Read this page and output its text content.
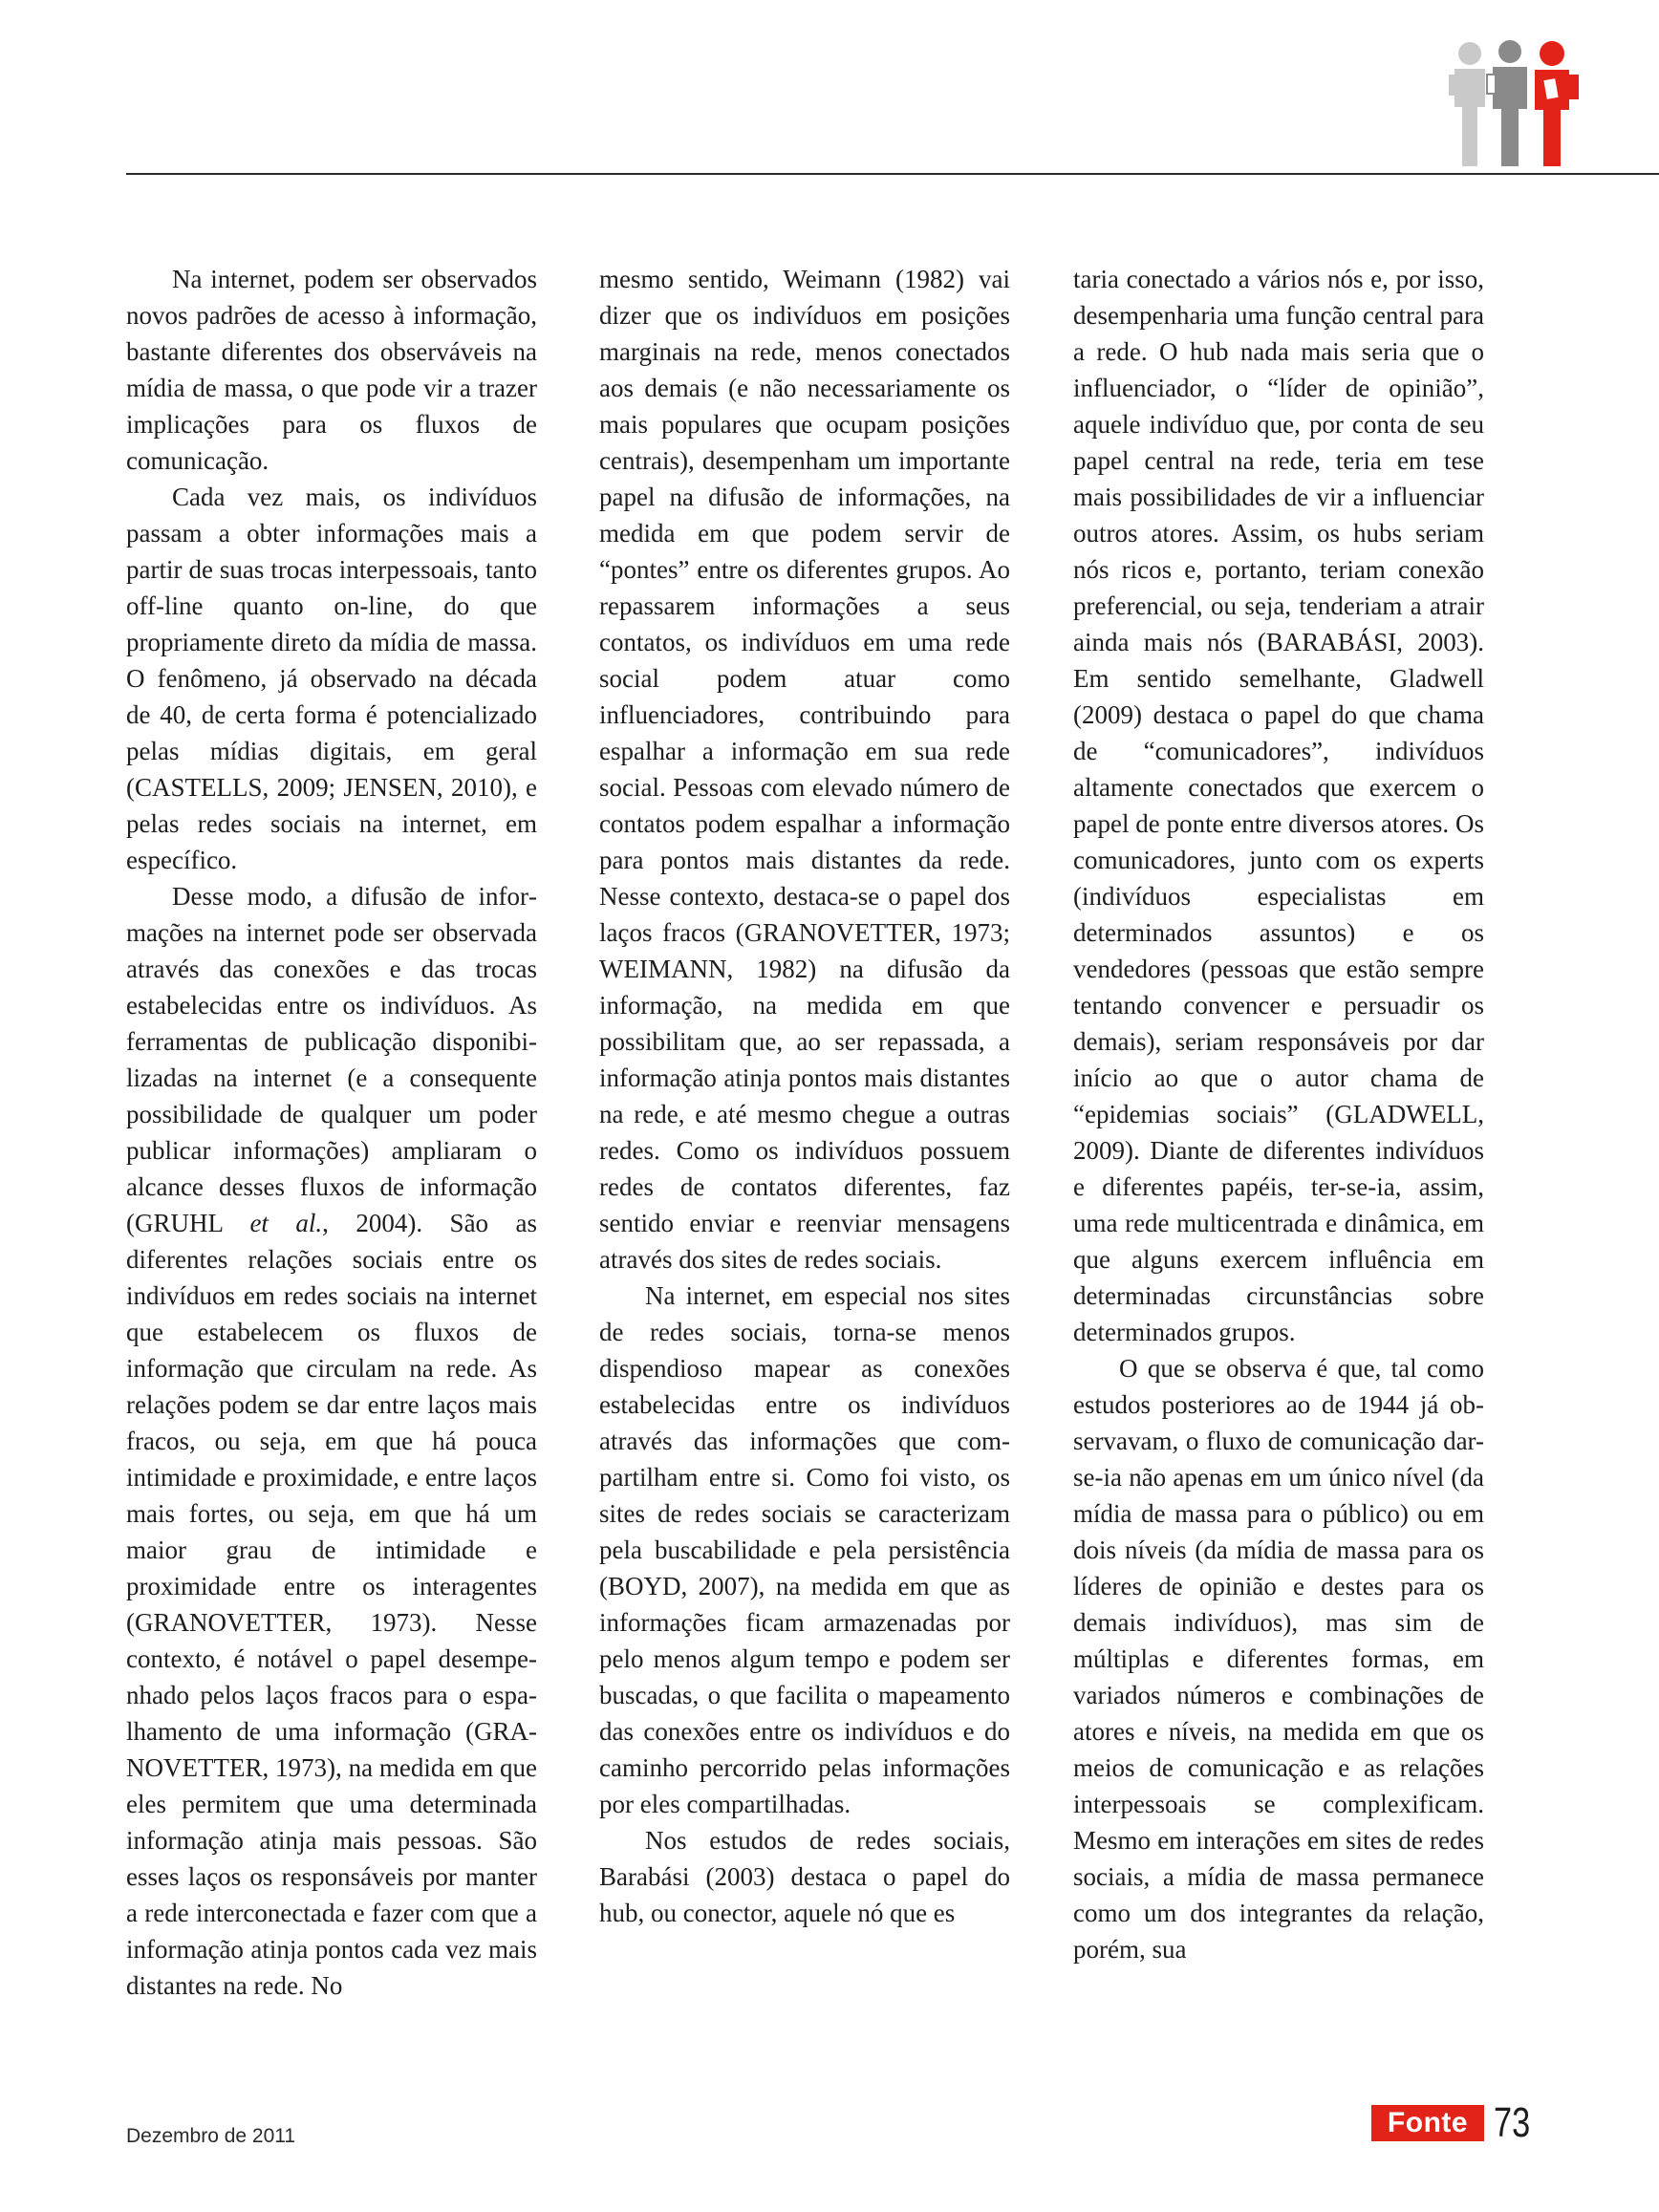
Na internet, podem ser observados novos padrões de acesso à informação, bastante diferentes dos observáveis na mídia de massa, o que pode vir a trazer implicações para os fluxos de comunicação.

Cada vez mais, os indivíduos passam a obter informações mais a partir de suas trocas interpessoais, tanto off-line quanto on-line, do que propriamente direto da mídia de massa. O fenômeno, já observado na década de 40, de certa forma é potencializado pelas mídias digitais, em geral (CASTELLS, 2009; JENSEN, 2010), e pelas redes sociais na internet, em específico.

Desse modo, a difusão de informações na internet pode ser observada através das conexões e das trocas estabelecidas entre os indivíduos. As ferramentas de publicação disponibilizadas na internet (e a consequente possibilidade de qualquer um poder publicar informações) ampliaram o alcance desses fluxos de informação (GRUHL et al., 2004). São as diferentes relações sociais entre os indivíduos em redes sociais na internet que estabelecem os fluxos de informação que circulam na rede. As relações podem se dar entre laços mais fracos, ou seja, em que há pouca intimidade e proximidade, e entre laços mais fortes, ou seja, em que há um maior grau de intimidade e proximidade entre os interagentes (GRANOVETTER, 1973). Nesse contexto, é notável o papel desempenhado pelos laços fracos para o espalhamento de uma informação (GRANOVETTER, 1973), na medida em que eles permitem que uma determinada informação atinja mais pessoas. São esses laços os responsáveis por manter a rede interconectada e fazer com que a informação atinja pontos cada vez mais distantes na rede. No

mesmo sentido, Weimann (1982) vai dizer que os indivíduos em posições marginais na rede, menos conectados aos demais (e não necessariamente os mais populares que ocupam posições centrais), desempenham um importante papel na difusão de informações, na medida em que podem servir de “pontes” entre os diferentes grupos. Ao repassarem informações a seus contatos, os indivíduos em uma rede social podem atuar como influenciadores, contribuindo para espalhar a informação em sua rede social. Pessoas com elevado número de contatos podem espalhar a informação para pontos mais distantes da rede. Nesse contexto, destaca-se o papel dos laços fracos (GRANOVETTER, 1973; WEIMANN, 1982) na difusão da informação, na medida em que possibilitam que, ao ser repassada, a informação atinja pontos mais distantes na rede, e até mesmo chegue a outras redes. Como os indivíduos possuem redes de contatos diferentes, faz sentido enviar e reenviar mensagens através dos sites de redes sociais.

Na internet, em especial nos sites de redes sociais, torna-se menos dispendioso mapear as conexões estabelecidas entre os indivíduos através das informações que compartilham entre si. Como foi visto, os sites de redes sociais se caracterizam pela buscabilidade e pela persistência (BOYD, 2007), na medida em que as informações ficam armazenadas por pelo menos algum tempo e podem ser buscadas, o que facilita o mapeamento das conexões entre os indivíduos e do caminho percorrido pelas informações por eles compartilhadas.

Nos estudos de redes sociais, Barabási (2003) destaca o papel do hub, ou conector, aquele nó que es

taria conectado a vários nós e, por isso, desempenharia uma função central para a rede. O hub nada mais seria que o influenciador, o “líder de opinião”, aquele indivíduo que, por conta de seu papel central na rede, teria em tese mais possibilidades de vir a influenciar outros atores. Assim, os hubs seriam nós ricos e, portanto, teriam conexão preferencial, ou seja, tenderiam a atrair ainda mais nós (BARABÁSI, 2003). Em sentido semelhante, Gladwell (2009) destaca o papel do que chama de “comunicadores”, indivíduos altamente conectados que exercem o papel de ponte entre diversos atores. Os comunicadores, junto com os experts (indivíduos especialistas em determinados assuntos) e os vendedores (pessoas que estão sempre tentando convencer e persuadir os demais), seriam responsáveis por dar início ao que o autor chama de “epidemias sociais” (GLADWELL, 2009). Diante de diferentes indivíduos e diferentes papéis, ter-se-ia, assim, uma rede multicentrada e dinâmica, em que alguns exercem influência em determinadas circunstâncias sobre determinados grupos.

O que se observa é que, tal como estudos posteriores ao de 1944 já observavam, o fluxo de comunicação dar-se-ia não apenas em um único nível (da mídia de massa para o público) ou em dois níveis (da mídia de massa para os líderes de opinião e destes para os demais indivíduos), mas sim de múltiplas e diferentes formas, em variados números e combinações de atores e níveis, na medida em que os meios de comunicação e as relações interpessoais se complexificam. Mesmo em interações em sites de redes sociais, a mídia de massa permanece como um dos integrantes da relação, porém, sua

Dezembro de 2011	Fonte 73
